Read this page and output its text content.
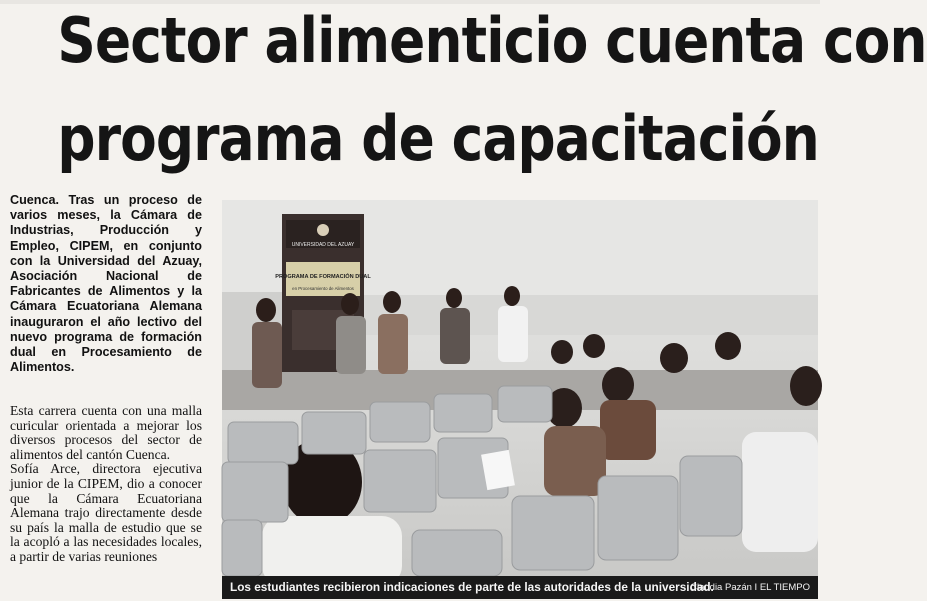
Sector alimenticio cuenta con
programa de capacitación
Cuenca. Tras un proceso de varios meses, la Cámara de Industrias, Producción y Empleo, CIPEM, en conjunto con la Universidad del Azuay, Asociación Nacional de Fabricantes de Alimentos y la Cámara Ecuatoriana Alemana inauguraron el año lectivo del nuevo programa de formación dual en Procesamiento de Alimentos.

Esta carrera cuenta con una malla curicular orientada a mejorar los diversos procesos del sector de alimentos del cantón Cuenca.

Sofía Arce, directora ejecutiva junior de la CIPEM, dio a conocer que la Cámara Ecuatoriana Alemana trajo directamente desde su país la malla de estudio que se la acopló a las necesidades locales, a partir de varias reuniones

UNIVERSIDAD DEL AZUAY
PROGRAMA DE FORMACIÓN DUAL
en Procesamiento de Alimentos
Los estudiantes recibieron indicaciones de parte de las autoridades de la universidad.
Claudia Pazán I EL TIEMPO
